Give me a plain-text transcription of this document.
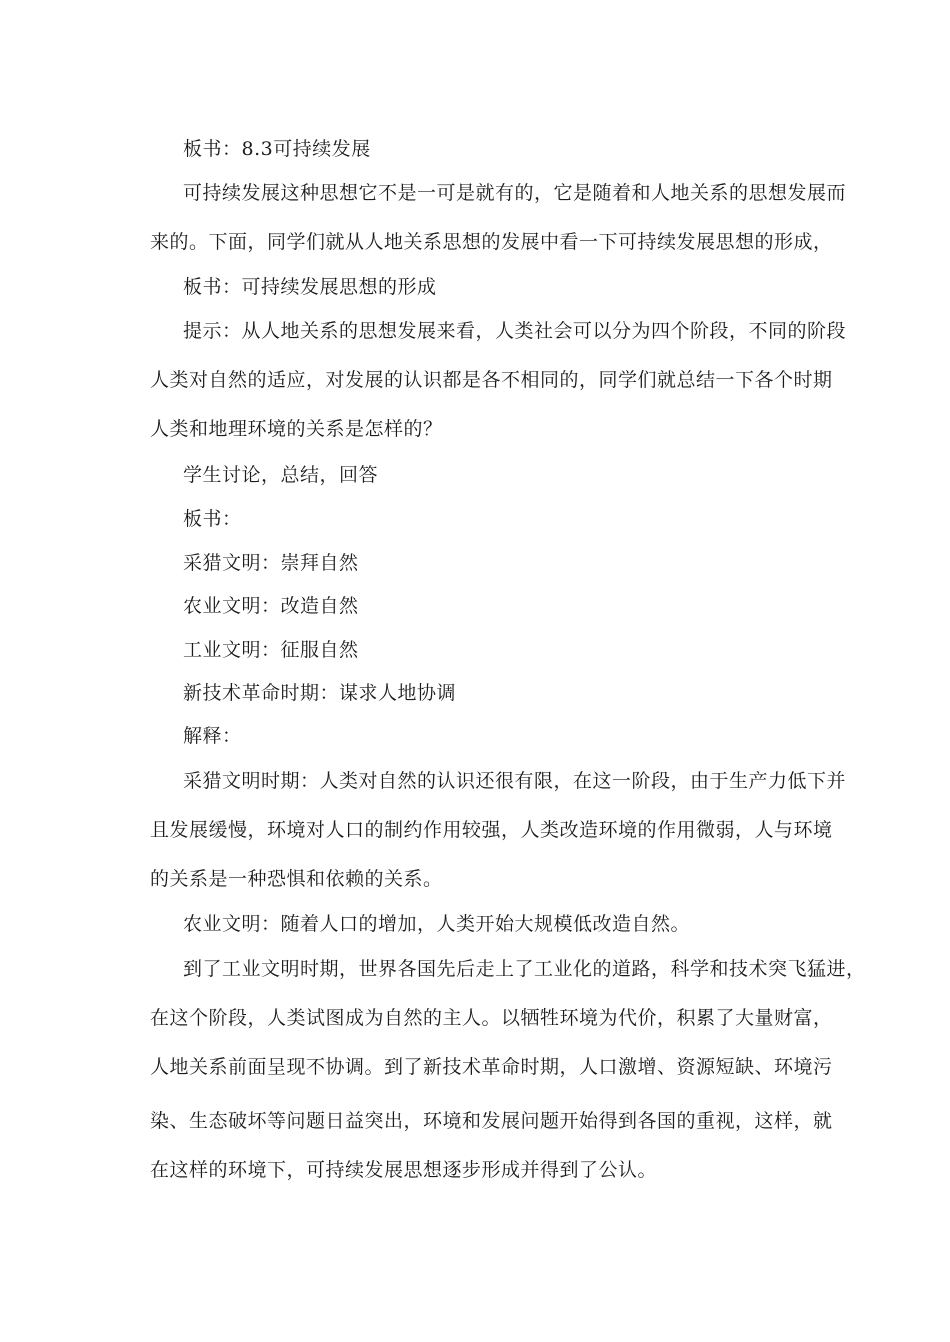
板书：8.3可持续发展
可持续发展这种思想它不是一可是就有的，它是随着和人地关系的思想发展而
来的。下面，同学们就从人地关系思想的发展中看一下可持续发展思想的形成，
板书：可持续发展思想的形成
提示：从人地关系的思想发展来看，人类社会可以分为四个阶段，不同的阶段
人类对自然的适应，对发展的认识都是各不相同的，同学们就总结一下各个时期
人类和地理环境的关系是怎样的？
学生讨论，总结，回答
板书：
采猎文明：崇拜自然
农业文明：改造自然
工业文明：征服自然
新技术革命时期：谋求人地协调
解释：
采猎文明时期：人类对自然的认识还很有限，在这一阶段，由于生产力低下并
且发展缓慢，环境对人口的制约作用较强，人类改造环境的作用微弱，人与环境
的关系是一种恐惧和依赖的关系。
农业文明：随着人口的增加，人类开始大规模低改造自然。
到了工业文明时期，世界各国先后走上了工业化的道路，科学和技术突飞猛进，
在这个阶段，人类试图成为自然的主人。以牺牲环境为代价，积累了大量财富，
人地关系前面呈现不协调。到了新技术革命时期，人口激增、资源短缺、环境污
染、生态破坏等问题日益突出，环境和发展问题开始得到各国的重视，这样，就
在这样的环境下，可持续发展思想逐步形成并得到了公认。
